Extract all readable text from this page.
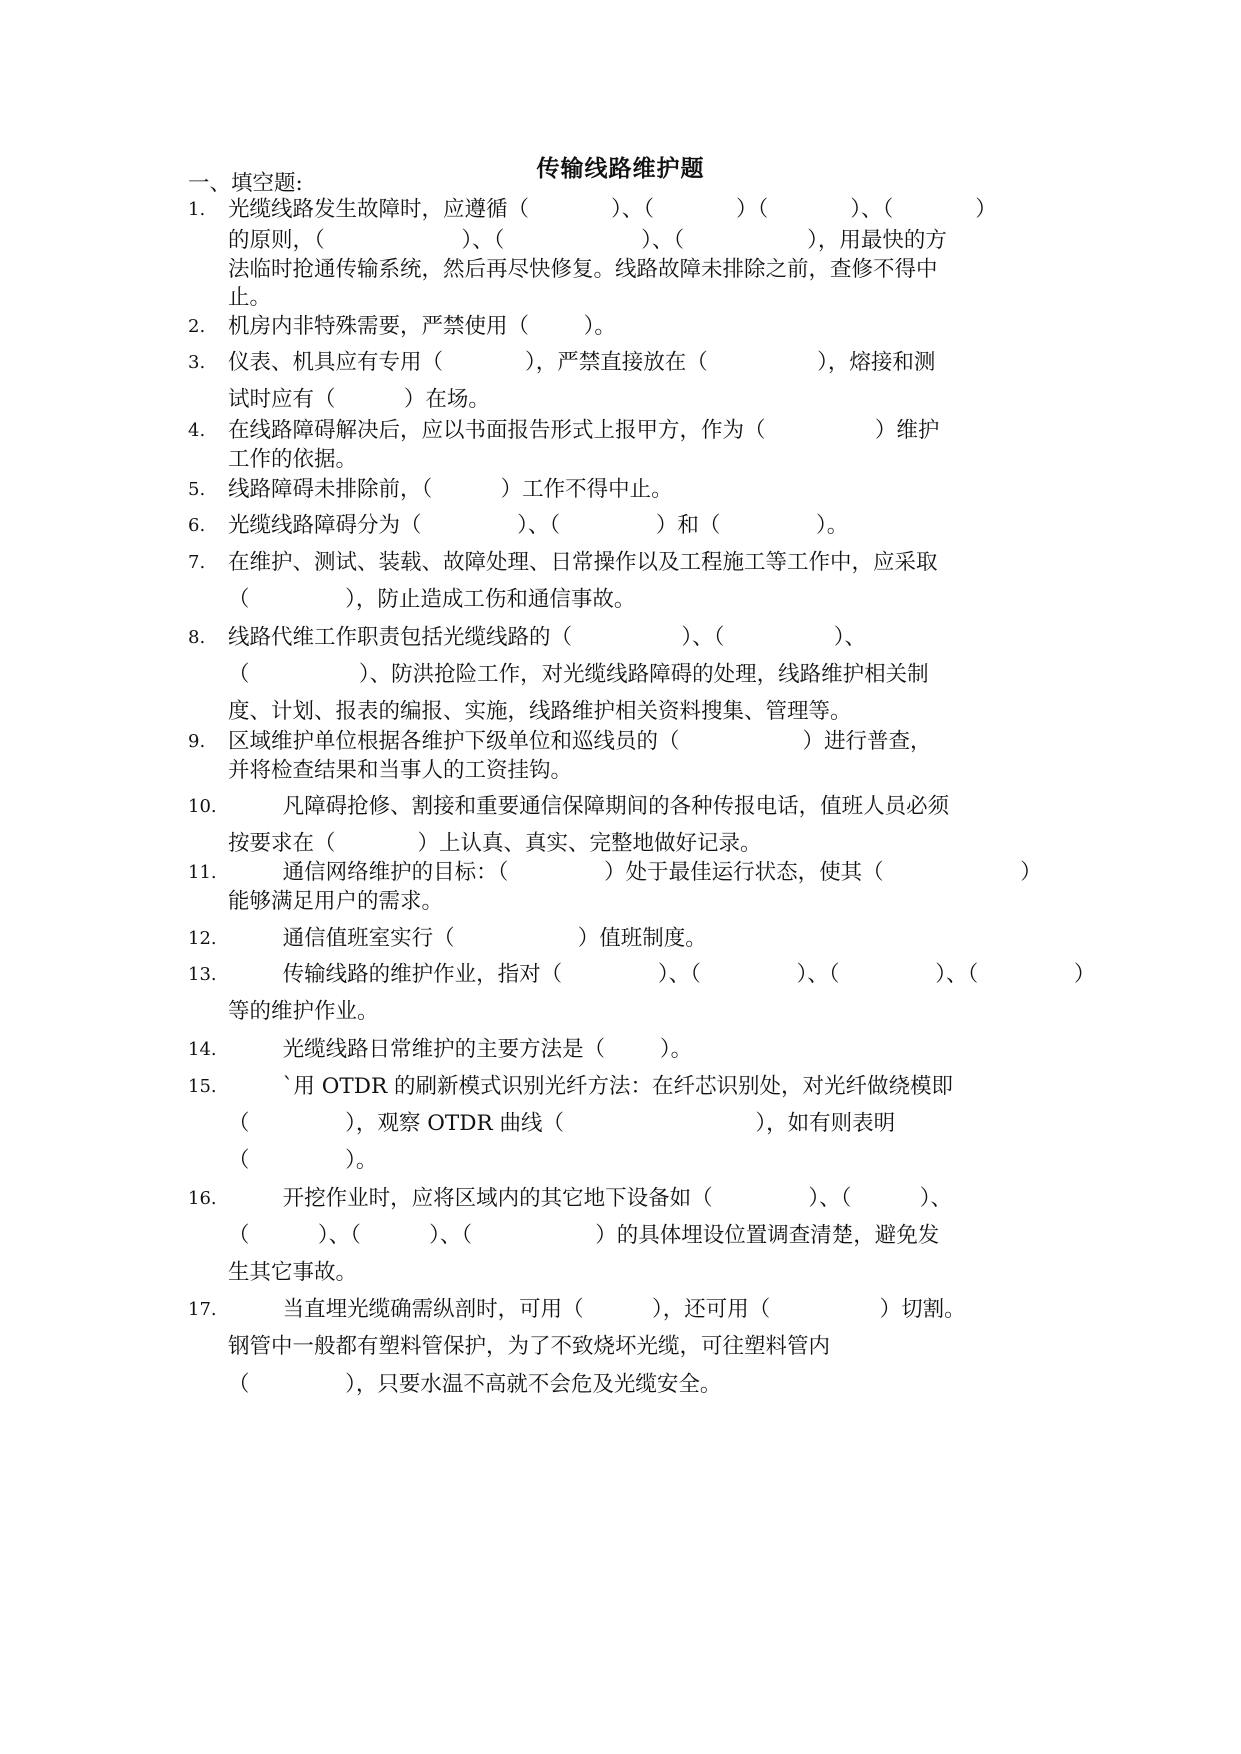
传输线路维护题
一、填空题:
1. 光缆线路发生故障时，应遵循（            ）、（            ）（            ）、（            ）
的原则，（                    ）、（                    ）、（                  ），用最快的方
法临时抢通传输系统，然后再尽快修复。线路故障未排除之前，查修不得中
止。
2. 机房内非特殊需要，严禁使用（        ）。
3. 仪表、机具应有专用（            ），严禁直接放在（                ），熔接和测
试时应有（          ）在场。
4. 在线路障碍解决后，应以书面报告形式上报甲方，作为（                ）维护
工作的依据。
5. 线路障碍未排除前，（          ）工作不得中止。
6. 光缆线路障碍分为（              ）、（              ）和（              ）。
7. 在维护、测试、装载、故障处理、日常操作以及工程施工等工作中，应采取
（              ），防止造成工伤和通信事故。
8. 线路代维工作职责包括光缆线路的（                ）、（                ）、
（                ）、防洪抢险工作，对光缆线路障碍的处理，线路维护相关制
度、计划、报表的编报、实施，线路维护相关资料搜集、管理等。
9. 区域维护单位根据各维护下级单位和巡线员的（                  ）进行普查，
并将检查结果和当事人的工资挂钩。
10. 凡障碍抢修、割接和重要通信保障期间的各种传报电话，值班人员必须
按要求在（            ）上认真、真实、完整地做好记录。
11. 通信网络维护的目标：（              ）处于最佳运行状态，使其（                    ）
能够满足用户的需求。
12. 通信值班室实行（                  ）值班制度。
13. 传输线路的维护作业，指对（              ）、（              ）、（              ）、（              ）
等的维护作业。
14. 光缆线路日常维护的主要方法是（        ）。
15. `用 OTDR 的刷新模式识别光纤方法：在纤芯识别处，对光纤做绕模即
（              ），观察 OTDR 曲线（                            ），如有则表明
（              ）。
16. 开挖作业时，应将区域内的其它地下设备如（              ）、（          ）、
（          ）、（          ）、（                  ）的具体埋设位置调查清楚，避免发
生其它事故。
17. 当直埋光缆确需纵剖时，可用（          ），还可用（                ）切割。
钢管中一般都有塑料管保护，为了不致烧坏光缆，可往塑料管内
（              ），只要水温不高就不会危及光缆安全。
